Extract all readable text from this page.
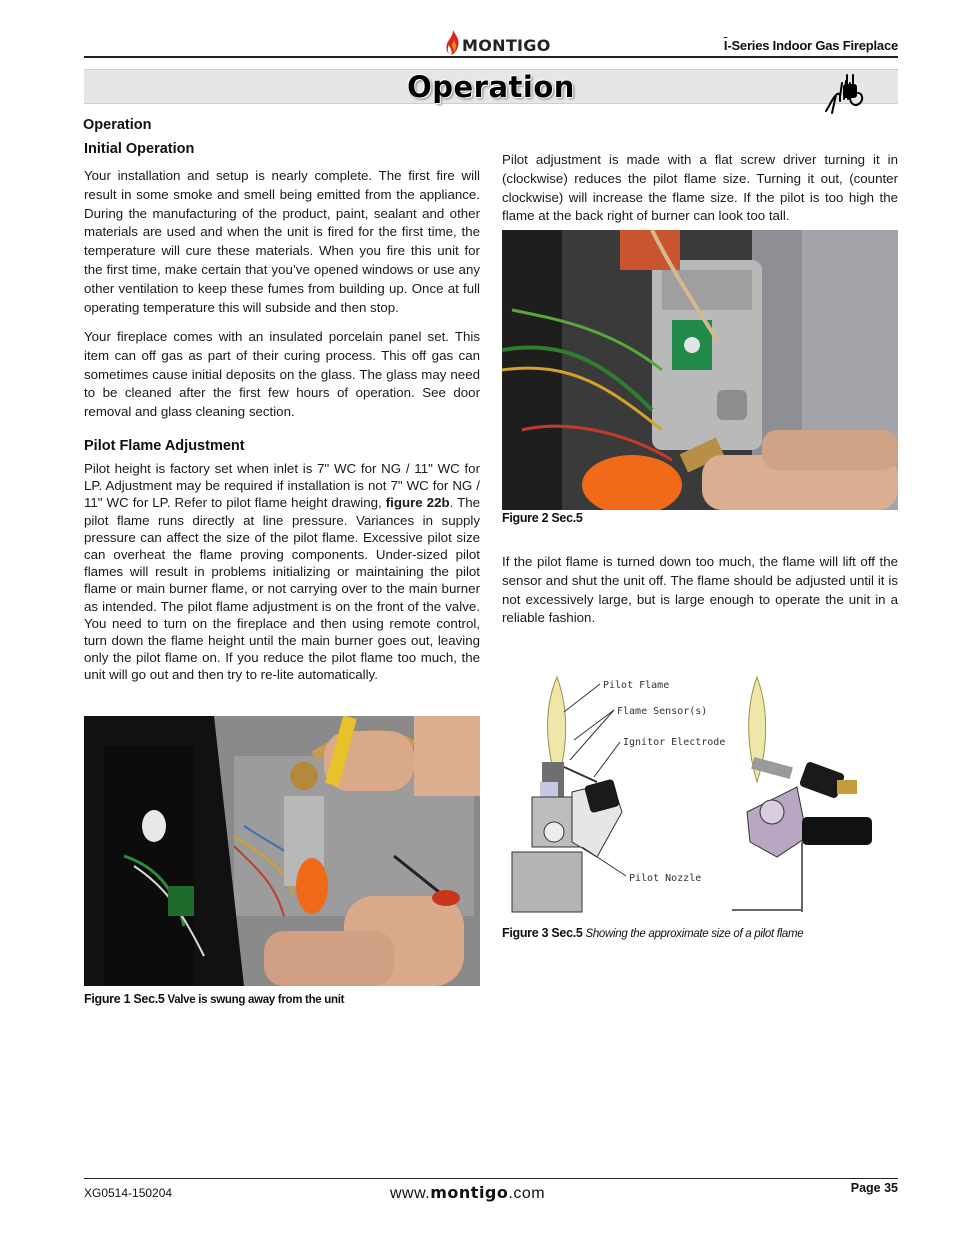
MONTIGO	$\overline{I}$-Series Indoor Gas Fireplace
Operation
Operation
Initial Operation

Your installation and setup is nearly complete. The first fire will result in some smoke and smell being emitted from the appliance. During the manufacturing of the product, paint, sealant and other materials are used and when the unit is fired for the first time, the temperature will cure these materials. When you fire this unit for the first time, make certain that you’ve opened windows or use any other ventilation to keep these fumes from building up. Once at full operating temperature this will subside and then stop.

Your fireplace comes with an insulated porcelain panel set. This item can off gas as part of their curing process. This off gas can sometimes cause initial deposits on the glass. The glass may need to be cleaned after the first few hours of operation. See door removal and glass cleaning section.

Pilot Flame Adjustment

Pilot height is factory set when inlet is 7" WC for NG / 11" WC for LP. Adjustment may be required if installation is not 7" WC for NG / 11" WC for LP. Refer to pilot flame height drawing, figure 22b. The pilot flame runs directly at line pressure. Variances in supply pressure can affect the size of the pilot flame. Excessive pilot size can overheat the flame proving components. Under-sized pilot flames will result in problems initializing or maintaining the pilot flame or main burner flame, or not carrying over to the main burner as intended. The pilot flame adjustment is on the front of the valve. You need to turn on the fireplace and then using remote control, turn down the flame height until the main burner goes out, leaving only the pilot flame on. If you reduce the pilot flame too much, the unit will go out and then try to re-lite automatically.

Figure 1 Sec.5 Valve is swung away from the unit

Pilot adjustment is made with a flat screw driver turning it in (clockwise) reduces the pilot flame size. Turning it out, (counter clockwise) will increase the flame size. If the pilot is too high the flame at the back right of burner can look too tall.

Figure 2 Sec.5

If the pilot flame is turned down too much, the flame will lift off the sensor and shut the unit off. The flame should be adjusted until it is not excessively large, but is large enough to operate the unit in a reliable fashion.

Pilot Flame
Flame Sensor(s)
Ignitor Electrode
Pilot Nozzle
Figure 3 Sec.5 Showing the approximate size of a pilot flame
XG0514-150204	www.montigo.com	Page 35
